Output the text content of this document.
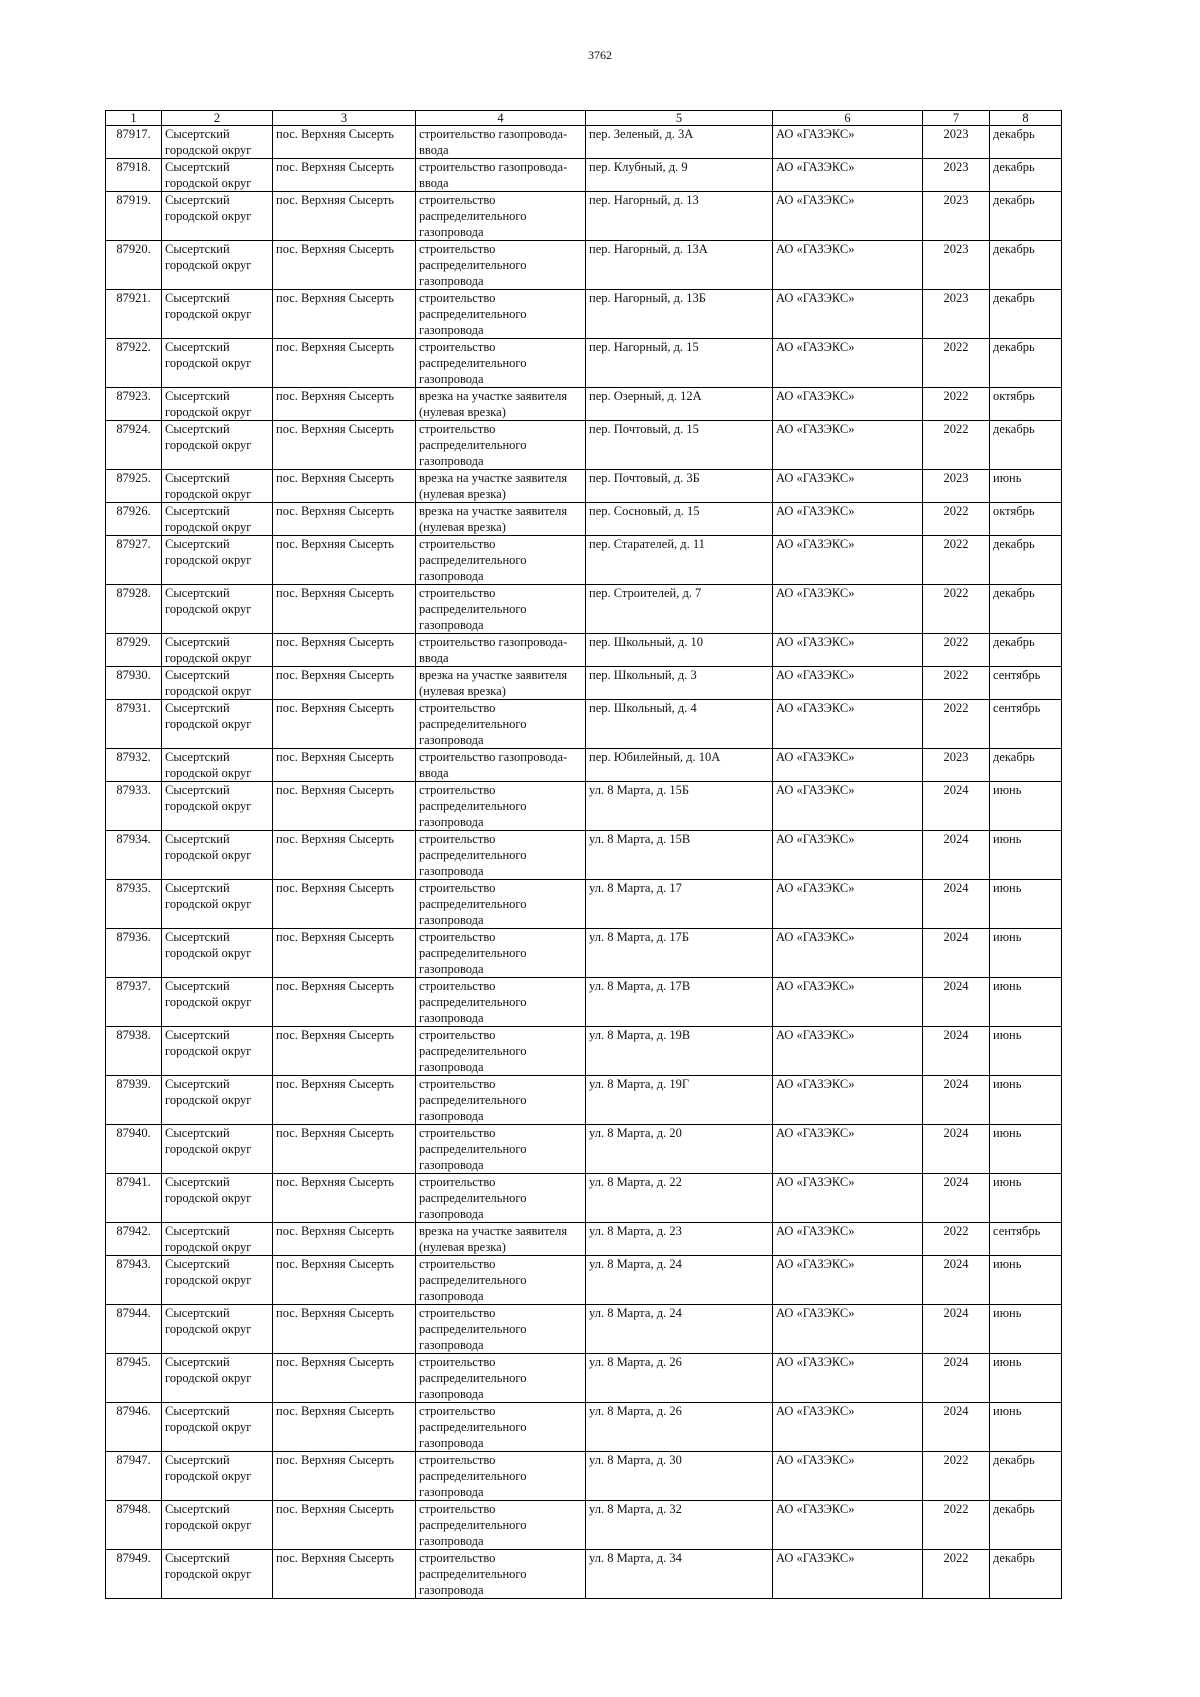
3762
1	2	3	4	5	6	7	8
87917.	Сысертский городской округ	пос. Верхняя Сысерть	строительство газопровода-ввода	пер. Зеленый, д. 3А	АО «ГАЗЭКС»	2023	декабрь
87918.	Сысертский городской округ	пос. Верхняя Сысерть	строительство газопровода-ввода	пер. Клубный, д. 9	АО «ГАЗЭКС»	2023	декабрь
87919.	Сысертский городской округ	пос. Верхняя Сысерть	строительство распределительного газопровода	пер. Нагорный, д. 13	АО «ГАЗЭКС»	2023	декабрь
87920.	Сысертский городской округ	пос. Верхняя Сысерть	строительство распределительного газопровода	пер. Нагорный, д. 13А	АО «ГАЗЭКС»	2023	декабрь
87921.	Сысертский городской округ	пос. Верхняя Сысерть	строительство распределительного газопровода	пер. Нагорный, д. 13Б	АО «ГАЗЭКС»	2023	декабрь
87922.	Сысертский городской округ	пос. Верхняя Сысерть	строительство распределительного газопровода	пер. Нагорный, д. 15	АО «ГАЗЭКС»	2022	декабрь
87923.	Сысертский городской округ	пос. Верхняя Сысерть	врезка на участке заявителя (нулевая врезка)	пер. Озерный, д. 12А	АО «ГАЗЭКС»	2022	октябрь
87924.	Сысертский городской округ	пос. Верхняя Сысерть	строительство распределительного газопровода	пер. Почтовый, д. 15	АО «ГАЗЭКС»	2022	декабрь
87925.	Сысертский городской округ	пос. Верхняя Сысерть	врезка на участке заявителя (нулевая врезка)	пер. Почтовый, д. 3Б	АО «ГАЗЭКС»	2023	июнь
87926.	Сысертский городской округ	пос. Верхняя Сысерть	врезка на участке заявителя (нулевая врезка)	пер. Сосновый, д. 15	АО «ГАЗЭКС»	2022	октябрь
87927.	Сысертский городской округ	пос. Верхняя Сысерть	строительство распределительного газопровода	пер. Старателей, д. 11	АО «ГАЗЭКС»	2022	декабрь
87928.	Сысертский городской округ	пос. Верхняя Сысерть	строительство распределительного газопровода	пер. Строителей, д. 7	АО «ГАЗЭКС»	2022	декабрь
87929.	Сысертский городской округ	пос. Верхняя Сысерть	строительство газопровода-ввода	пер. Школьный, д. 10	АО «ГАЗЭКС»	2022	декабрь
87930.	Сысертский городской округ	пос. Верхняя Сысерть	врезка на участке заявителя (нулевая врезка)	пер. Школьный, д. 3	АО «ГАЗЭКС»	2022	сентябрь
87931.	Сысертский городской округ	пос. Верхняя Сысерть	строительство распределительного газопровода	пер. Школьный, д. 4	АО «ГАЗЭКС»	2022	сентябрь
87932.	Сысертский городской округ	пос. Верхняя Сысерть	строительство газопровода-ввода	пер. Юбилейный, д. 10А	АО «ГАЗЭКС»	2023	декабрь
87933.	Сысертский городской округ	пос. Верхняя Сысерть	строительство распределительного газопровода	ул. 8 Марта, д. 15Б	АО «ГАЗЭКС»	2024	июнь
87934.	Сысертский городской округ	пос. Верхняя Сысерть	строительство распределительного газопровода	ул. 8 Марта, д. 15В	АО «ГАЗЭКС»	2024	июнь
87935.	Сысертский городской округ	пос. Верхняя Сысерть	строительство распределительного газопровода	ул. 8 Марта, д. 17	АО «ГАЗЭКС»	2024	июнь
87936.	Сысертский городской округ	пос. Верхняя Сысерть	строительство распределительного газопровода	ул. 8 Марта, д. 17Б	АО «ГАЗЭКС»	2024	июнь
87937.	Сысертский городской округ	пос. Верхняя Сысерть	строительство распределительного газопровода	ул. 8 Марта, д. 17В	АО «ГАЗЭКС»	2024	июнь
87938.	Сысертский городской округ	пос. Верхняя Сысерть	строительство распределительного газопровода	ул. 8 Марта, д. 19В	АО «ГАЗЭКС»	2024	июнь
87939.	Сысертский городской округ	пос. Верхняя Сысерть	строительство распределительного газопровода	ул. 8 Марта, д. 19Г	АО «ГАЗЭКС»	2024	июнь
87940.	Сысертский городской округ	пос. Верхняя Сысерть	строительство распределительного газопровода	ул. 8 Марта, д. 20	АО «ГАЗЭКС»	2024	июнь
87941.	Сысертский городской округ	пос. Верхняя Сысерть	строительство распределительного газопровода	ул. 8 Марта, д. 22	АО «ГАЗЭКС»	2024	июнь
87942.	Сысертский городской округ	пос. Верхняя Сысерть	врезка на участке заявителя (нулевая врезка)	ул. 8 Марта, д. 23	АО «ГАЗЭКС»	2022	сентябрь
87943.	Сысертский городской округ	пос. Верхняя Сысерть	строительство распределительного газопровода	ул. 8 Марта, д. 24	АО «ГАЗЭКС»	2024	июнь
87944.	Сысертский городской округ	пос. Верхняя Сысерть	строительство распределительного газопровода	ул. 8 Марта, д. 24	АО «ГАЗЭКС»	2024	июнь
87945.	Сысертский городской округ	пос. Верхняя Сысерть	строительство распределительного газопровода	ул. 8 Марта, д. 26	АО «ГАЗЭКС»	2024	июнь
87946.	Сысертский городской округ	пос. Верхняя Сысерть	строительство распределительного газопровода	ул. 8 Марта, д. 26	АО «ГАЗЭКС»	2024	июнь
87947.	Сысертский городской округ	пос. Верхняя Сысерть	строительство распределительного газопровода	ул. 8 Марта, д. 30	АО «ГАЗЭКС»	2022	декабрь
87948.	Сысертский городской округ	пос. Верхняя Сысерть	строительство распределительного газопровода	ул. 8 Марта, д. 32	АО «ГАЗЭКС»	2022	декабрь
87949.	Сысертский городской округ	пос. Верхняя Сысерть	строительство распределительного газопровода	ул. 8 Марта, д. 34	АО «ГАЗЭКС»	2022	декабрь
